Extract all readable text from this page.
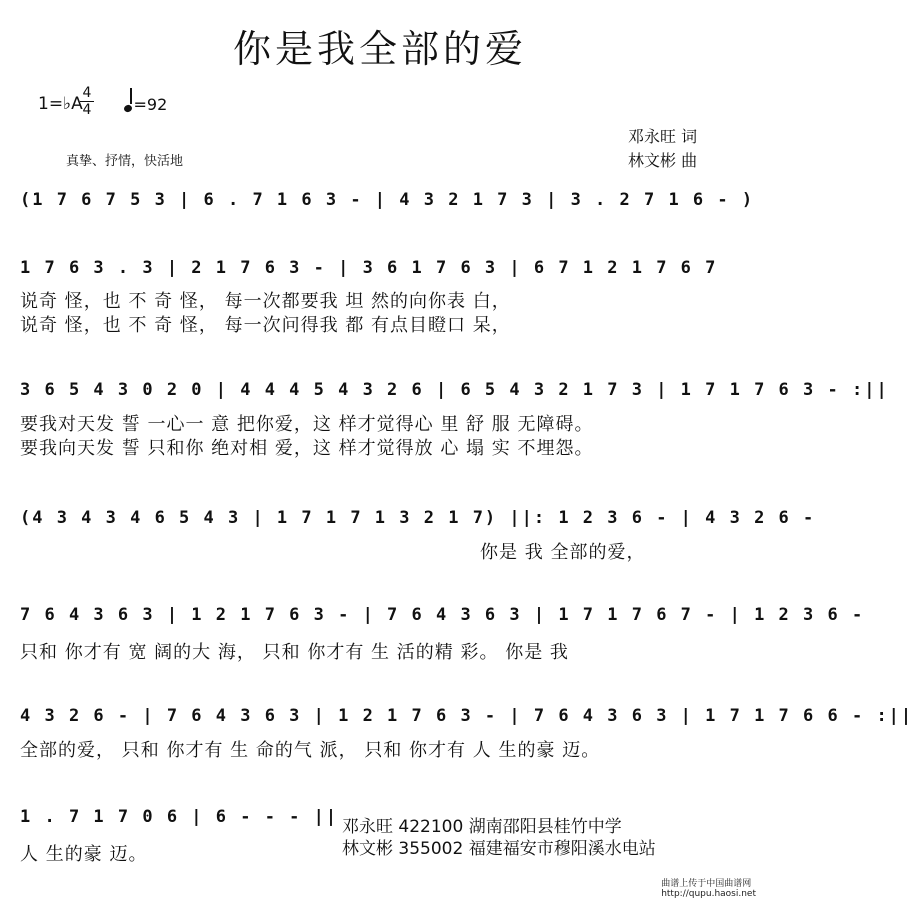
你是我全部的爱
1=♭A
4
4	=92
邓永旺 词
林文彬 曲
真挚、抒情，快活地
(1 7 6 7 5 3 | 6 . 7 1 6 3 - | 4 3 2 1 7 3 | 3 . 2 7 1 6 - )
1 7 6 3 . 3 | 2 1 7 6 3 - | 3 6 1 7 6 3 | 6 7 1 2 1 7 6 7
说奇 怪，也 不 奇 怪， 每一次都要我 坦 然的向你表 白，
说奇 怪，也 不 奇 怪， 每一次问得我 都 有点目瞪口 呆，
3 6 5 4 3 0 2 0 | 4 4 4 5 4 3 2 6 | 6 5 4 3 2 1 7 3 | 1 7 1 7 6 3 - :||
要我对天发 誓 一心一 意 把你爱，这 样才觉得心 里 舒 服 无障碍。
要我向天发 誓 只和你 绝对相 爱，这 样才觉得放 心 塌 实 不埋怨。
(4 3 4 3 4 6 5 4 3 | 1 7 1 7 1 3 2 1 7) ||: 1 2 3 6 - | 4 3 2 6 -
你是 我 全部的爱，
7 6 4 3 6 3 | 1 2 1 7 6 3 - | 7 6 4 3 6 3 | 1 7 1 7 6 7 - | 1 2 3 6 -
只和 你才有 宽 阔的大 海， 只和 你才有 生 活的精 彩。 你是 我
4 3 2 6 - | 7 6 4 3 6 3 | 1 2 1 7 6 3 - | 7 6 4 3 6 3 | 1 7 1 7 6 6 - :||
全部的爱， 只和 你才有 生 命的气 派， 只和 你才有 人 生的豪 迈。
1 . 7 1 7 0 6 | 6 - - - ||
人 生的豪 迈。
邓永旺 422100 湖南邵阳县桂竹中学
林文彬 355002 福建福安市穆阳溪水电站
曲谱上传于中国曲谱网
http://qupu.haosi.net
